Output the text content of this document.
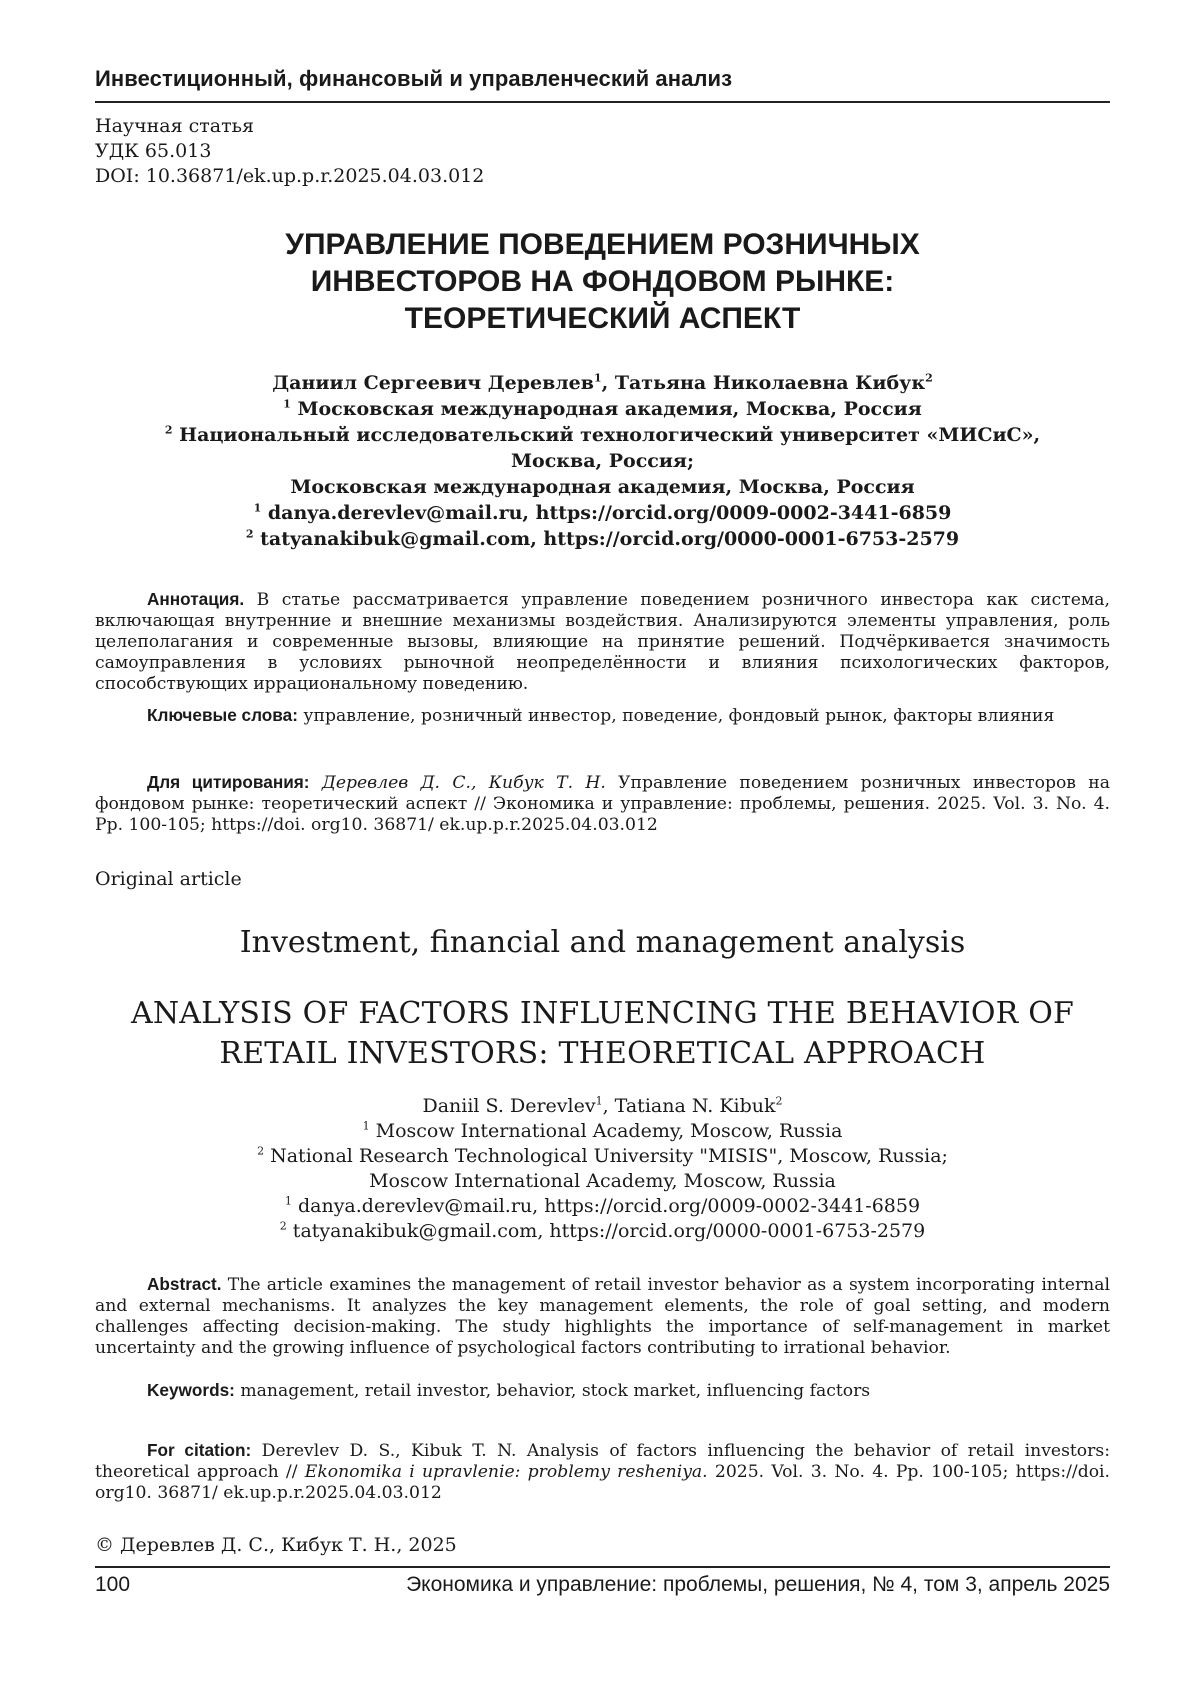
Инвестиционный, финансовый и управленческий анализ
Научная статья
УДК 65.013
DOI: 10.36871/ek.up.p.r.2025.04.03.012
УПРАВЛЕНИЕ ПОВЕДЕНИЕМ РОЗНИЧНЫХ
ИНВЕСТОРОВ НА ФОНДОВОМ РЫНКЕ:
ТЕОРЕТИЧЕСКИЙ АСПЕКТ
Даниил Сергеевич Деревлев1, Татьяна Николаевна Кибук2
1 Московская международная академия, Москва, Россия
2 Национальный исследовательский технологический университет «МИСиС»,
Москва, Россия;
Московская международная академия, Москва, Россия
1 danya.derevlev@mail.ru, https://orcid.org/0009-0002-3441-6859
2 tatyanakibuk@gmail.com, https://orcid.org/0000-0001-6753-2579
Аннотация. В статье рассматривается управление поведением розничного инвестора как система, включающая внутренние и внешние механизмы воздействия. Анализируются элементы управления, роль целеполагания и современные вызовы, влияющие на принятие решений. Подчёркивается значимость самоуправления в условиях рыночной неопределённости и влияния психологических факторов, способствующих иррациональному поведению.
Ключевые слова: управление, розничный инвестор, поведение, фондовый рынок, факторы влияния
Для цитирования: Деревлев Д. С., Кибук Т. Н. Управление поведением розничных инвесторов на фондовом рынке: теоретический аспект // Экономика и управление: проблемы, решения. 2025. Vol. 3. No. 4. Pp. 100-105; https://doi. org10. 36871/ ek.up.p.r.2025.04.03.012
Original article
Investment, financial and management analysis
ANALYSIS OF FACTORS INFLUENCING THE BEHAVIOR OF
RETAIL INVESTORS: THEORETICAL APPROACH
Daniil S. Derevlev1, Tatiana N. Kibuk2
1 Moscow International Academy, Moscow, Russia
2 National Research Technological University "MISIS", Moscow, Russia;
Moscow International Academy, Moscow, Russia
1 danya.derevlev@mail.ru, https://orcid.org/0009-0002-3441-6859
2 tatyanakibuk@gmail.com, https://orcid.org/0000-0001-6753-2579
Abstract. The article examines the management of retail investor behavior as a system incorporating internal and external mechanisms. It analyzes the key management elements, the role of goal setting, and modern challenges affecting decision-making. The study highlights the importance of self-management in market uncertainty and the growing influence of psychological factors contributing to irrational behavior.
Keywords: management, retail investor, behavior, stock market, influencing factors
For citation: Derevlev D. S., Kibuk T. N. Analysis of factors influencing the behavior of retail investors: theoretical approach // Ekonomika i upravlenie: problemy resheniya. 2025. Vol. 3. No. 4. Pp. 100-105; https://doi. org10. 36871/ ek.up.p.r.2025.04.03.012
© Деревлев Д. С., Кибук Т. Н., 2025
100	Экономика и управление: проблемы, решения, № 4, том 3, апрель 2025
